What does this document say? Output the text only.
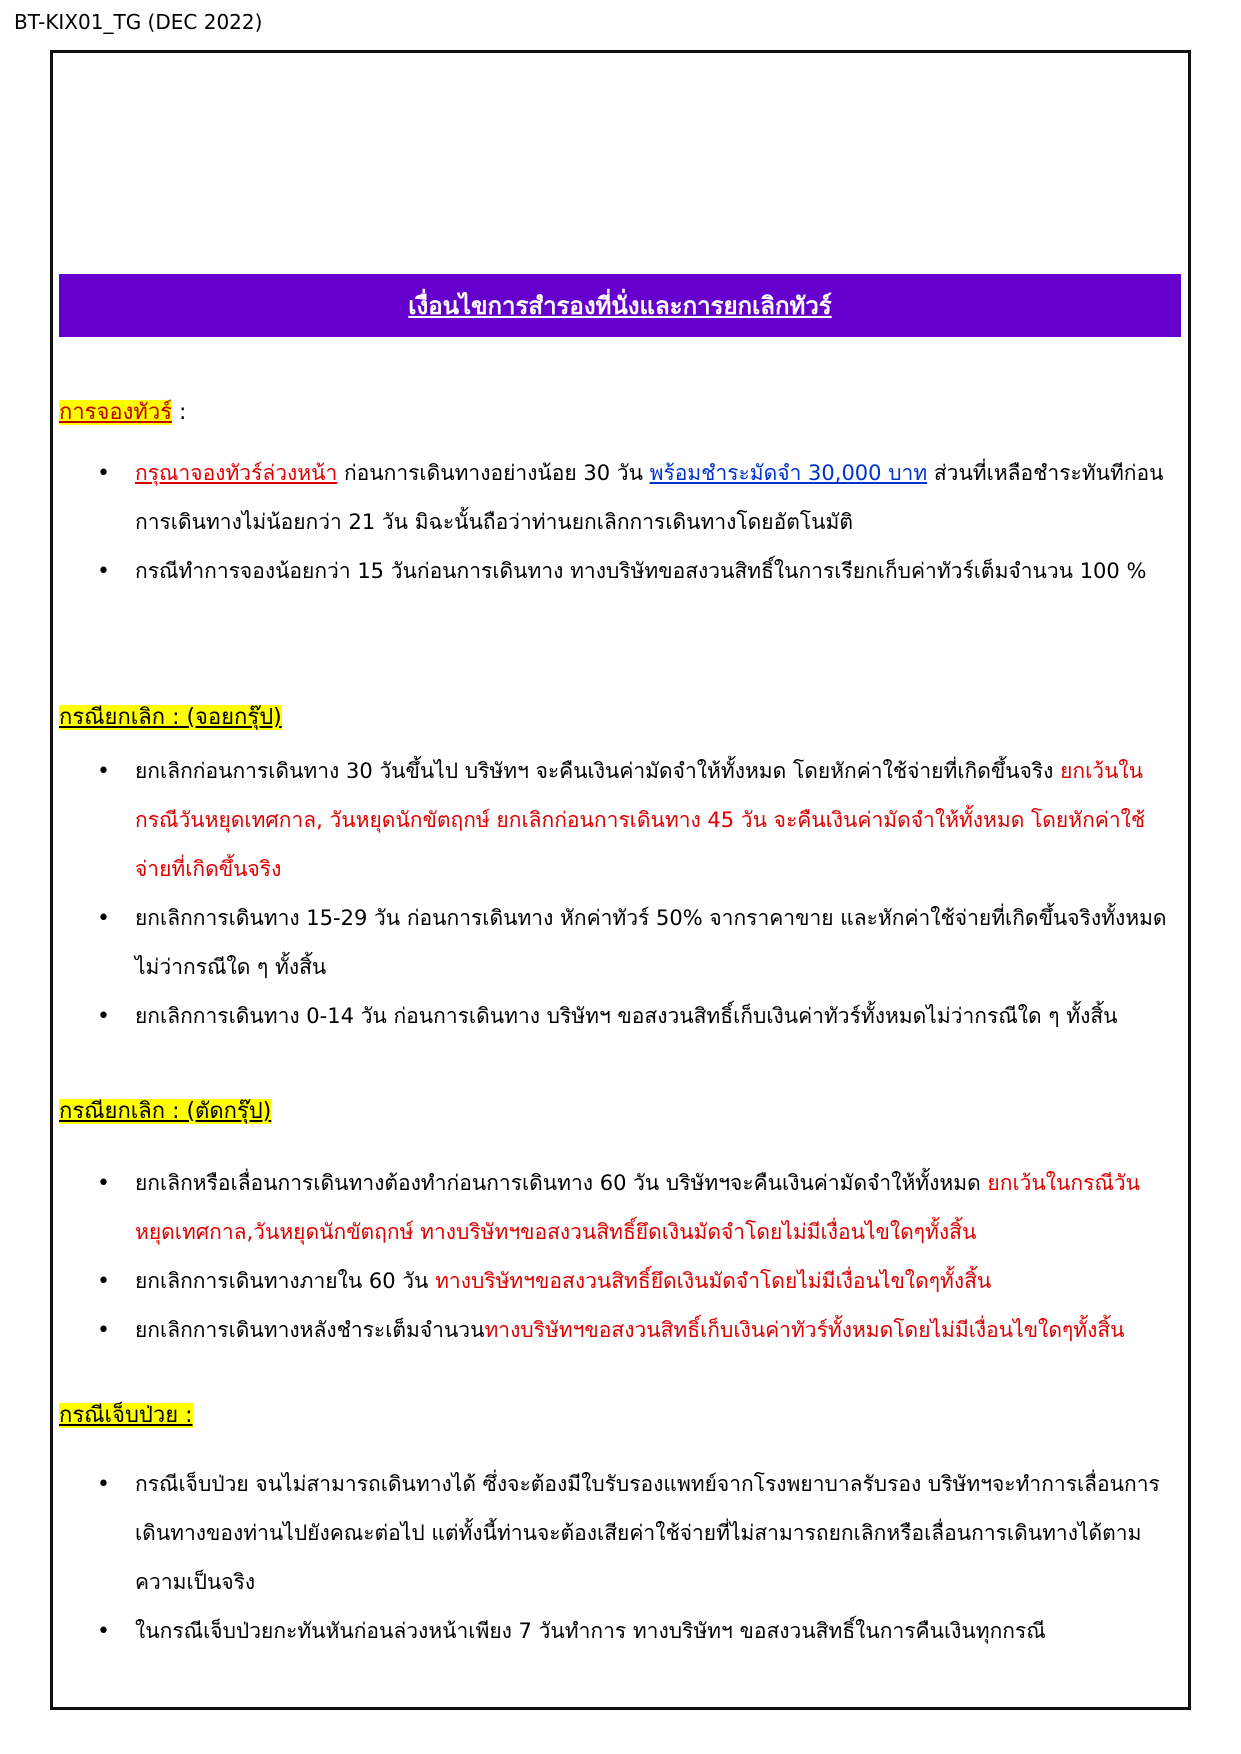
BT-KIX01_TG (DEC 2022)
เงื่อนไขการสำรองที่นั่งและการยกเลิกทัวร์
การจองทัวร์ :
• กรุณาจองทัวร์ล่วงหน้า ก่อนการเดินทางอย่างน้อย 30 วัน พร้อมชำระมัดจำ 30,000 บาท ส่วนที่เหลือชำระทันทีก่อนการเดินทางไม่น้อยกว่า 21 วัน มิฉะนั้นถือว่าท่านยกเลิกการเดินทางโดยอัตโนมัติ
• กรณีทำการจองน้อยกว่า 15 วันก่อนการเดินทาง ทางบริษัทขอสงวนสิทธิ์ในการเรียกเก็บค่าทัวร์เต็มจำนวน 100 %
กรณียกเลิก : (จอยกรุ๊ป)
• ยกเลิกก่อนการเดินทาง 30 วันขึ้นไป บริษัทฯ จะคืนเงินค่ามัดจำให้ทั้งหมด โดยหักค่าใช้จ่ายที่เกิดขึ้นจริง ยกเว้นในกรณีวันหยุดเทศกาล, วันหยุดนักขัตฤกษ์ ยกเลิกก่อนการเดินทาง 45 วัน จะคืนเงินค่ามัดจำให้ทั้งหมด โดยหักค่าใช้จ่ายที่เกิดขึ้นจริง
• ยกเลิกการเดินทาง 15-29 วัน ก่อนการเดินทาง หักค่าทัวร์ 50% จากราคาขาย และหักค่าใช้จ่ายที่เกิดขึ้นจริงทั้งหมดไม่ว่ากรณีใด ๆ ทั้งสิ้น
• ยกเลิกการเดินทาง 0-14 วัน ก่อนการเดินทาง บริษัทฯ ขอสงวนสิทธิ์เก็บเงินค่าทัวร์ทั้งหมดไม่ว่ากรณีใด ๆ ทั้งสิ้น
กรณียกเลิก : (ตัดกรุ๊ป)
• ยกเลิกหรือเลื่อนการเดินทางต้องทำก่อนการเดินทาง 60 วัน บริษัทฯจะคืนเงินค่ามัดจำให้ทั้งหมด ยกเว้นในกรณีวันหยุดเทศกาล,วันหยุดนักขัตฤกษ์ ทางบริษัทฯขอสงวนสิทธิ์ยึดเงินมัดจำโดยไม่มีเงื่อนไขใดๆทั้งสิ้น
• ยกเลิกการเดินทางภายใน 60 วัน ทางบริษัทฯขอสงวนสิทธิ์ยึดเงินมัดจำโดยไม่มีเงื่อนไขใดๆทั้งสิ้น
• ยกเลิกการเดินทางหลังชำระเต็มจำนวนทางบริษัทฯขอสงวนสิทธิ์เก็บเงินค่าทัวร์ทั้งหมดโดยไม่มีเงื่อนไขใดๆทั้งสิ้น
กรณีเจ็บป่วย :
• กรณีเจ็บป่วย จนไม่สามารถเดินทางได้ ซึ่งจะต้องมีใบรับรองแพทย์จากโรงพยาบาลรับรอง บริษัทฯจะทำการเลื่อนการเดินทางของท่านไปยังคณะต่อไป แต่ทั้งนี้ท่านจะต้องเสียค่าใช้จ่ายที่ไม่สามารถยกเลิกหรือเลื่อนการเดินทางได้ตามความเป็นจริง
• ในกรณีเจ็บป่วยกะทันหันก่อนล่วงหน้าเพียง 7 วันทำการ ทางบริษัทฯ ขอสงวนสิทธิ์ในการคืนเงินทุกกรณี
